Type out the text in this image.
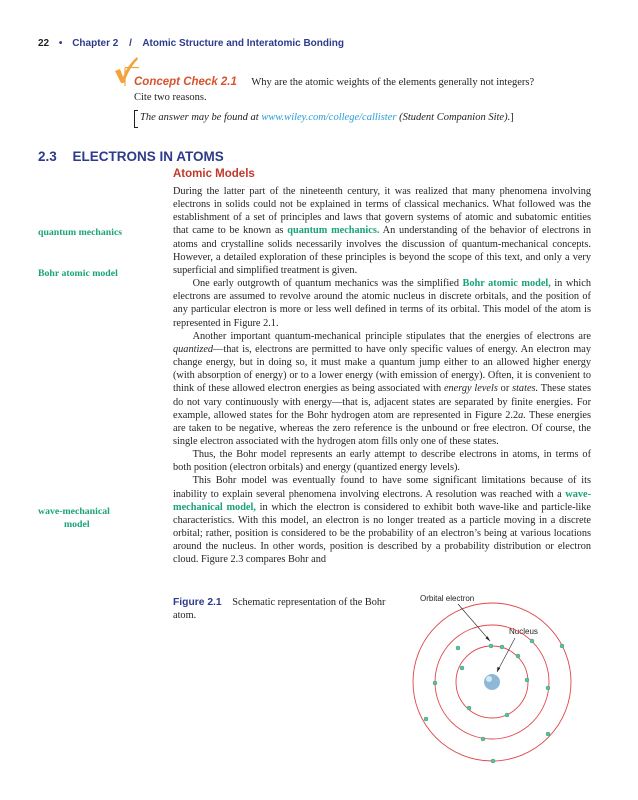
22 • Chapter 2 / Atomic Structure and Interatomic Bonding
Concept Check 2.1 Why are the atomic weights of the elements generally not integers?
Cite two reasons.
The answer may be found at www.wiley.com/college/callister (Student Companion Site).]
2.3 ELECTRONS IN ATOMS
Atomic Models
quantum mechanics
Bohr atomic model
wave-mechanical
model

During the latter part of the nineteenth century, it was realized that many phenomena involving electrons in solids could not be explained in terms of classical mechanics. What followed was the establishment of a set of principles and laws that govern systems of atomic and subatomic entities that came to be known as quantum mechanics. An understanding of the behavior of electrons in atoms and crystalline solids necessarily involves the discussion of quantum-mechanical concepts. However, a detailed exploration of these principles is beyond the scope of this text, and only a very superficial and simplified treatment is given.

One early outgrowth of quantum mechanics was the simplified Bohr atomic model, in which electrons are assumed to revolve around the atomic nucleus in discrete orbitals, and the position of any particular electron is more or less well defined in terms of its orbital. This model of the atom is represented in Figure 2.1.

Another important quantum-mechanical principle stipulates that the energies of electrons are quantized—that is, electrons are permitted to have only specific values of energy. An electron may change energy, but in doing so, it must make a quantum jump either to an allowed higher energy (with absorption of energy) or to a lower energy (with emission of energy). Often, it is convenient to think of these allowed electron energies as being associated with energy levels or states. These states do not vary continuously with energy—that is, adjacent states are separated by finite energies. For example, allowed states for the Bohr hydrogen atom are represented in Figure 2.2a. These energies are taken to be negative, whereas the zero reference is the unbound or free electron. Of course, the single electron associated with the hydrogen atom fills only one of these states.

Thus, the Bohr model represents an early attempt to describe electrons in atoms, in terms of both position (electron orbitals) and energy (quantized energy levels).

This Bohr model was eventually found to have some significant limitations because of its inability to explain several phenomena involving electrons. A resolution was reached with a wave-mechanical model, in which the electron is considered to exhibit both wave-like and particle-like characteristics. With this model, an electron is no longer treated as a particle moving in a discrete orbital; rather, position is considered to be the probability of an electron’s being at various locations around the nucleus. In other words, position is described by a probability distribution or electron cloud. Figure 2.3 compares Bohr and

Figure 2.1 Schematic representation of the Bohr atom.
Orbital electron
Nucleus
